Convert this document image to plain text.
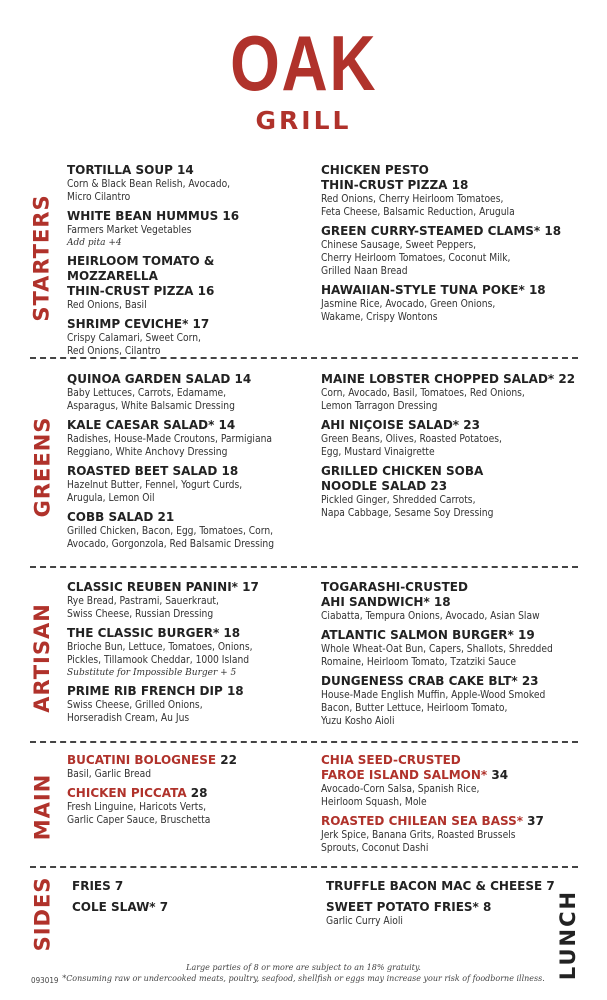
OAK
GRILL
STARTERS
TORTILLA SOUP 14
Corn & Black Bean Relish, Avocado,
Micro Cilantro
WHITE BEAN HUMMUS 16
Farmers Market Vegetables
Add pita +4
HEIRLOOM TOMATO & MOZZARELLA
THIN-CRUST PIZZA 16
Red Onions, Basil
SHRIMP CEVICHE* 17
Crispy Calamari, Sweet Corn,
Red Onions, Cilantro
CHICKEN PESTO
THIN-CRUST PIZZA 18
Red Onions, Cherry Heirloom Tomatoes,
Feta Cheese, Balsamic Reduction, Arugula
GREEN CURRY-STEAMED CLAMS* 18
Chinese Sausage, Sweet Peppers,
Cherry Heirloom Tomatoes, Coconut Milk,
Grilled Naan Bread
HAWAIIAN-STYLE TUNA POKE* 18
Jasmine Rice, Avocado, Green Onions,
Wakame, Crispy Wontons
GREENS
QUINOA GARDEN SALAD 14
Baby Lettuces, Carrots, Edamame,
Asparagus, White Balsamic Dressing
KALE CAESAR SALAD* 14
Radishes, House-Made Croutons, Parmigiana
Reggiano, White Anchovy Dressing
ROASTED BEET SALAD 18
Hazelnut Butter, Fennel, Yogurt Curds,
Arugula, Lemon Oil
COBB SALAD 21
Grilled Chicken, Bacon, Egg, Tomatoes, Corn,
Avocado, Gorgonzola, Red Balsamic Dressing
MAINE LOBSTER CHOPPED SALAD* 22
Corn, Avocado, Basil, Tomatoes, Red Onions,
Lemon Tarragon Dressing
AHI NIÇOISE SALAD* 23
Green Beans, Olives, Roasted Potatoes,
Egg, Mustard Vinaigrette
GRILLED CHICKEN SOBA
NOODLE SALAD 23
Pickled Ginger, Shredded Carrots,
Napa Cabbage, Sesame Soy Dressing
ARTISAN
CLASSIC REUBEN PANINI* 17
Rye Bread, Pastrami, Sauerkraut,
Swiss Cheese, Russian Dressing
THE CLASSIC BURGER* 18
Brioche Bun, Lettuce, Tomatoes, Onions,
Pickles, Tillamook Cheddar, 1000 Island
Substitute for Impossible Burger + 5
PRIME RIB FRENCH DIP 18
Swiss Cheese, Grilled Onions,
Horseradish Cream, Au Jus
TOGARASHI-CRUSTED
AHI SANDWICH* 18
Ciabatta, Tempura Onions, Avocado, Asian Slaw
ATLANTIC SALMON BURGER* 19
Whole Wheat-Oat Bun, Capers, Shallots, Shredded
Romaine, Heirloom Tomato, Tzatziki Sauce
DUNGENESS CRAB CAKE BLT* 23
House-Made English Muffin, Apple-Wood Smoked
Bacon, Butter Lettuce, Heirloom Tomato,
Yuzu Kosho Aioli
MAIN
BUCATINI BOLOGNESE 22
Basil, Garlic Bread
CHICKEN PICCATA 28
Fresh Linguine, Haricots Verts,
Garlic Caper Sauce, Bruschetta
CHIA SEED-CRUSTED
FAROE ISLAND SALMON* 34
Avocado-Corn Salsa, Spanish Rice,
Heirloom Squash, Mole
ROASTED CHILEAN SEA BASS* 37
Jerk Spice, Banana Grits, Roasted Brussels
Sprouts, Coconut Dashi
SIDES FRIES 7
COLE SLAW* 7
TRUFFLE BACON MAC & CHEESE 7
SWEET POTATO FRIES* 8
Garlic Curry Aioli
Large parties of 8 or more are subject to an 18% gratuity.
*Consuming raw or undercooked meats, poultry, seafood, shellfish or eggs may increase your risk of foodborne illness.
093019
LUNCH
